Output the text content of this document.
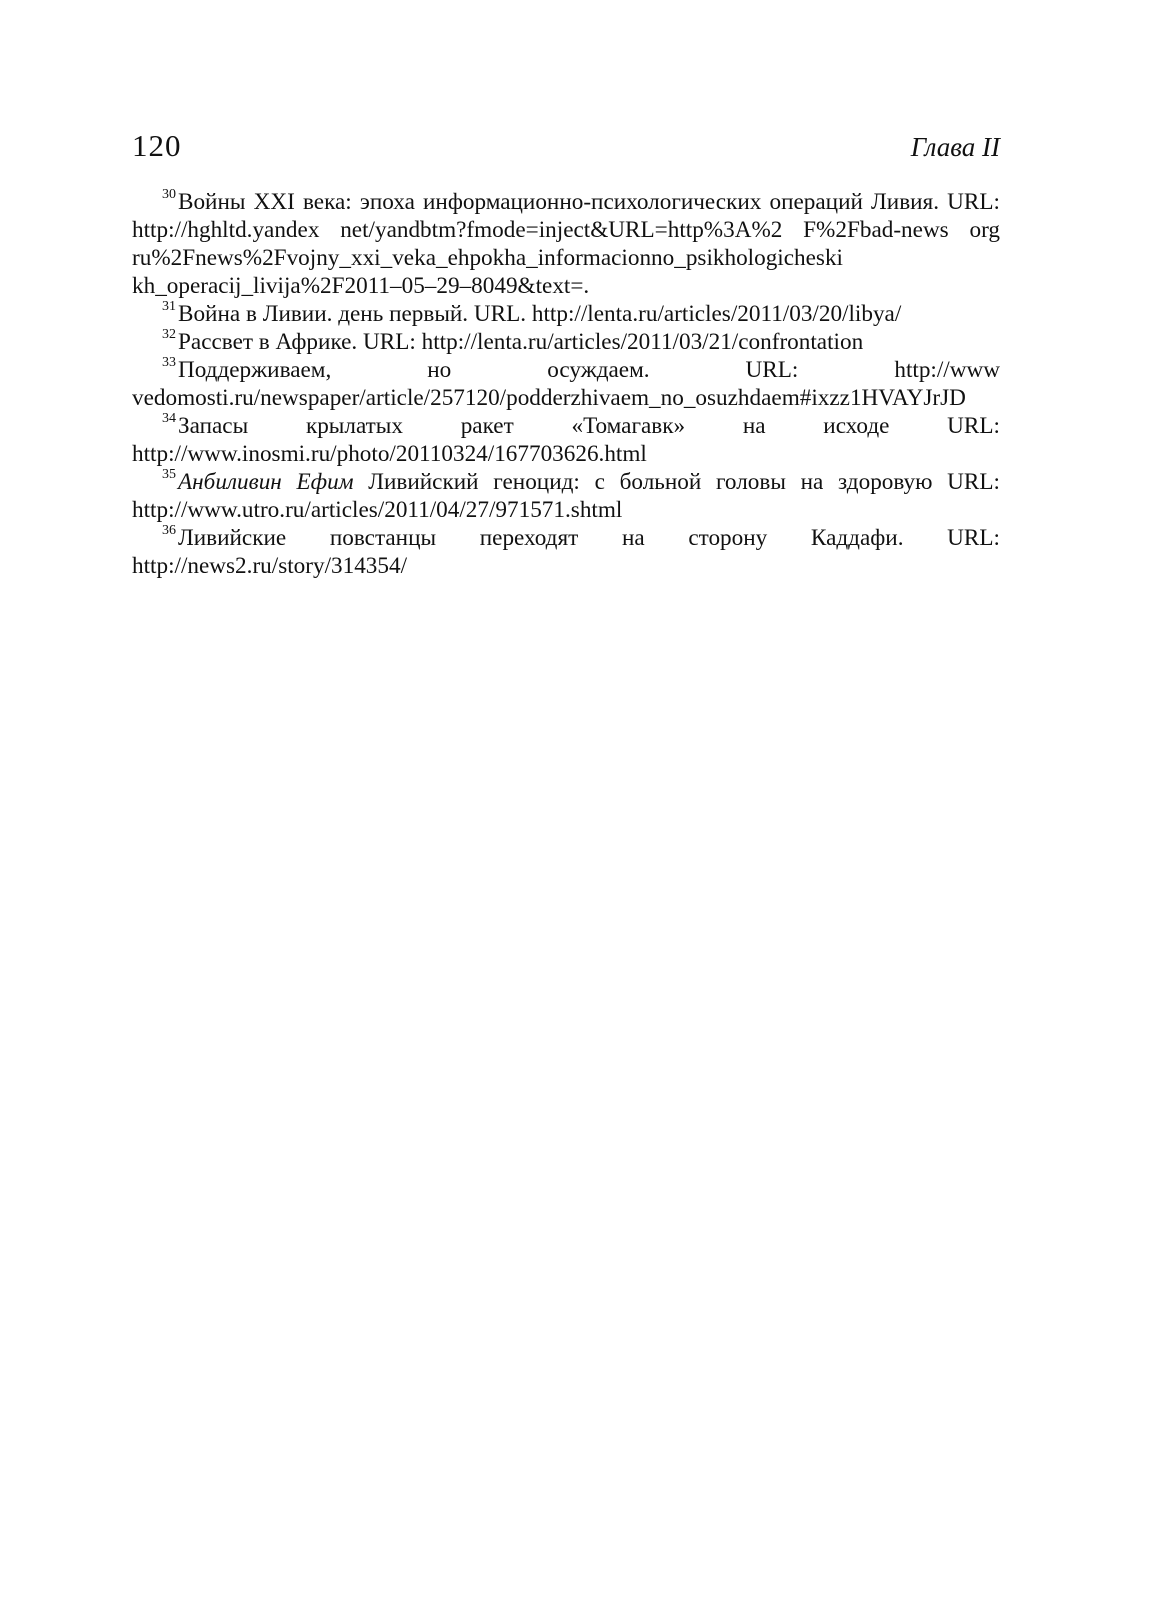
120	Глава II

$^{30}$Войны XXI века: эпоха информационно-психологических операций Ливия. URL: http://hghltd.yandex net/yandbtm?fmode=inject&URL=http%3A%2 F%2Fbad-news org ru%2Fnews%2Fvojny_xxi_veka_ehpokha_informacionno_psikhologicheski kh_operacij_livija%2F2011–05–29–8049&text=.

$^{31}$Война в Ливии. день первый. URL. http://lenta.ru/articles/2011/03/20/libya/

$^{32}$Рассвет в Африке. URL: http://lenta.ru/articles/2011/03/21/confrontation

$^{33}$Поддерживаем, но осуждаем. URL: http://www vedomosti.ru/newspaper/article/257120/podderzhivaem_no_osuzhdaem#ixzz1HVAYJrJD

$^{34}$Запасы крылатых ракет «Томагавк» на исходе URL: http://www.inosmi.ru/photo/20110324/167703626.html

$^{35}$Анбиливин Ефим Ливийский геноцид: с больной головы на здоровую URL: http://www.utro.ru/articles/2011/04/27/971571.shtml

$^{36}$Ливийские повстанцы переходят на сторону Каддафи. URL: http://news2.ru/story/314354/
